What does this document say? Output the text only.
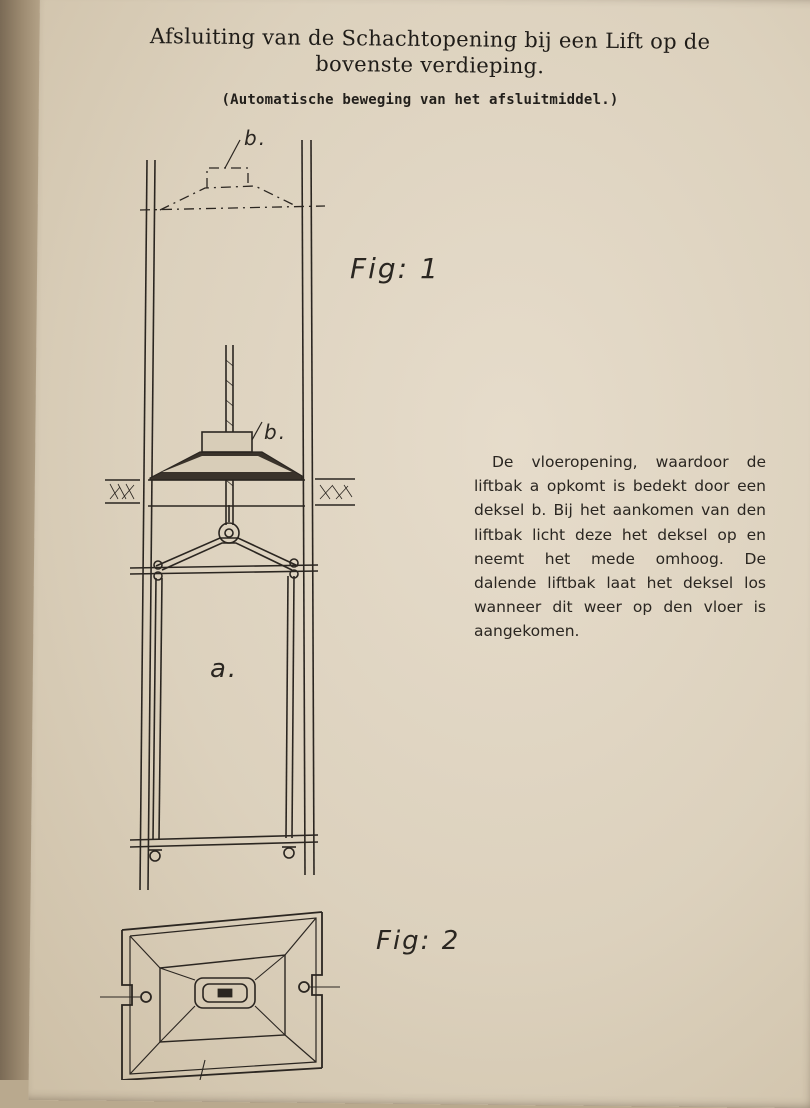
Afsluiting van de Schachtopening bij een Lift op de
bovenste verdieping.
(Automatische beweging van het afsluitmiddel.)
b.
Fig: 1
b.
a.
Fig: 2

De vloeropening, waardoor de liftbak a opkomt is bedekt door een deksel b. Bij het aankomen van den liftbak licht deze het deksel op en neemt het mede omhoog. De dalende liftbak laat het deksel los wanneer dit weer op den vloer is aangekomen.
